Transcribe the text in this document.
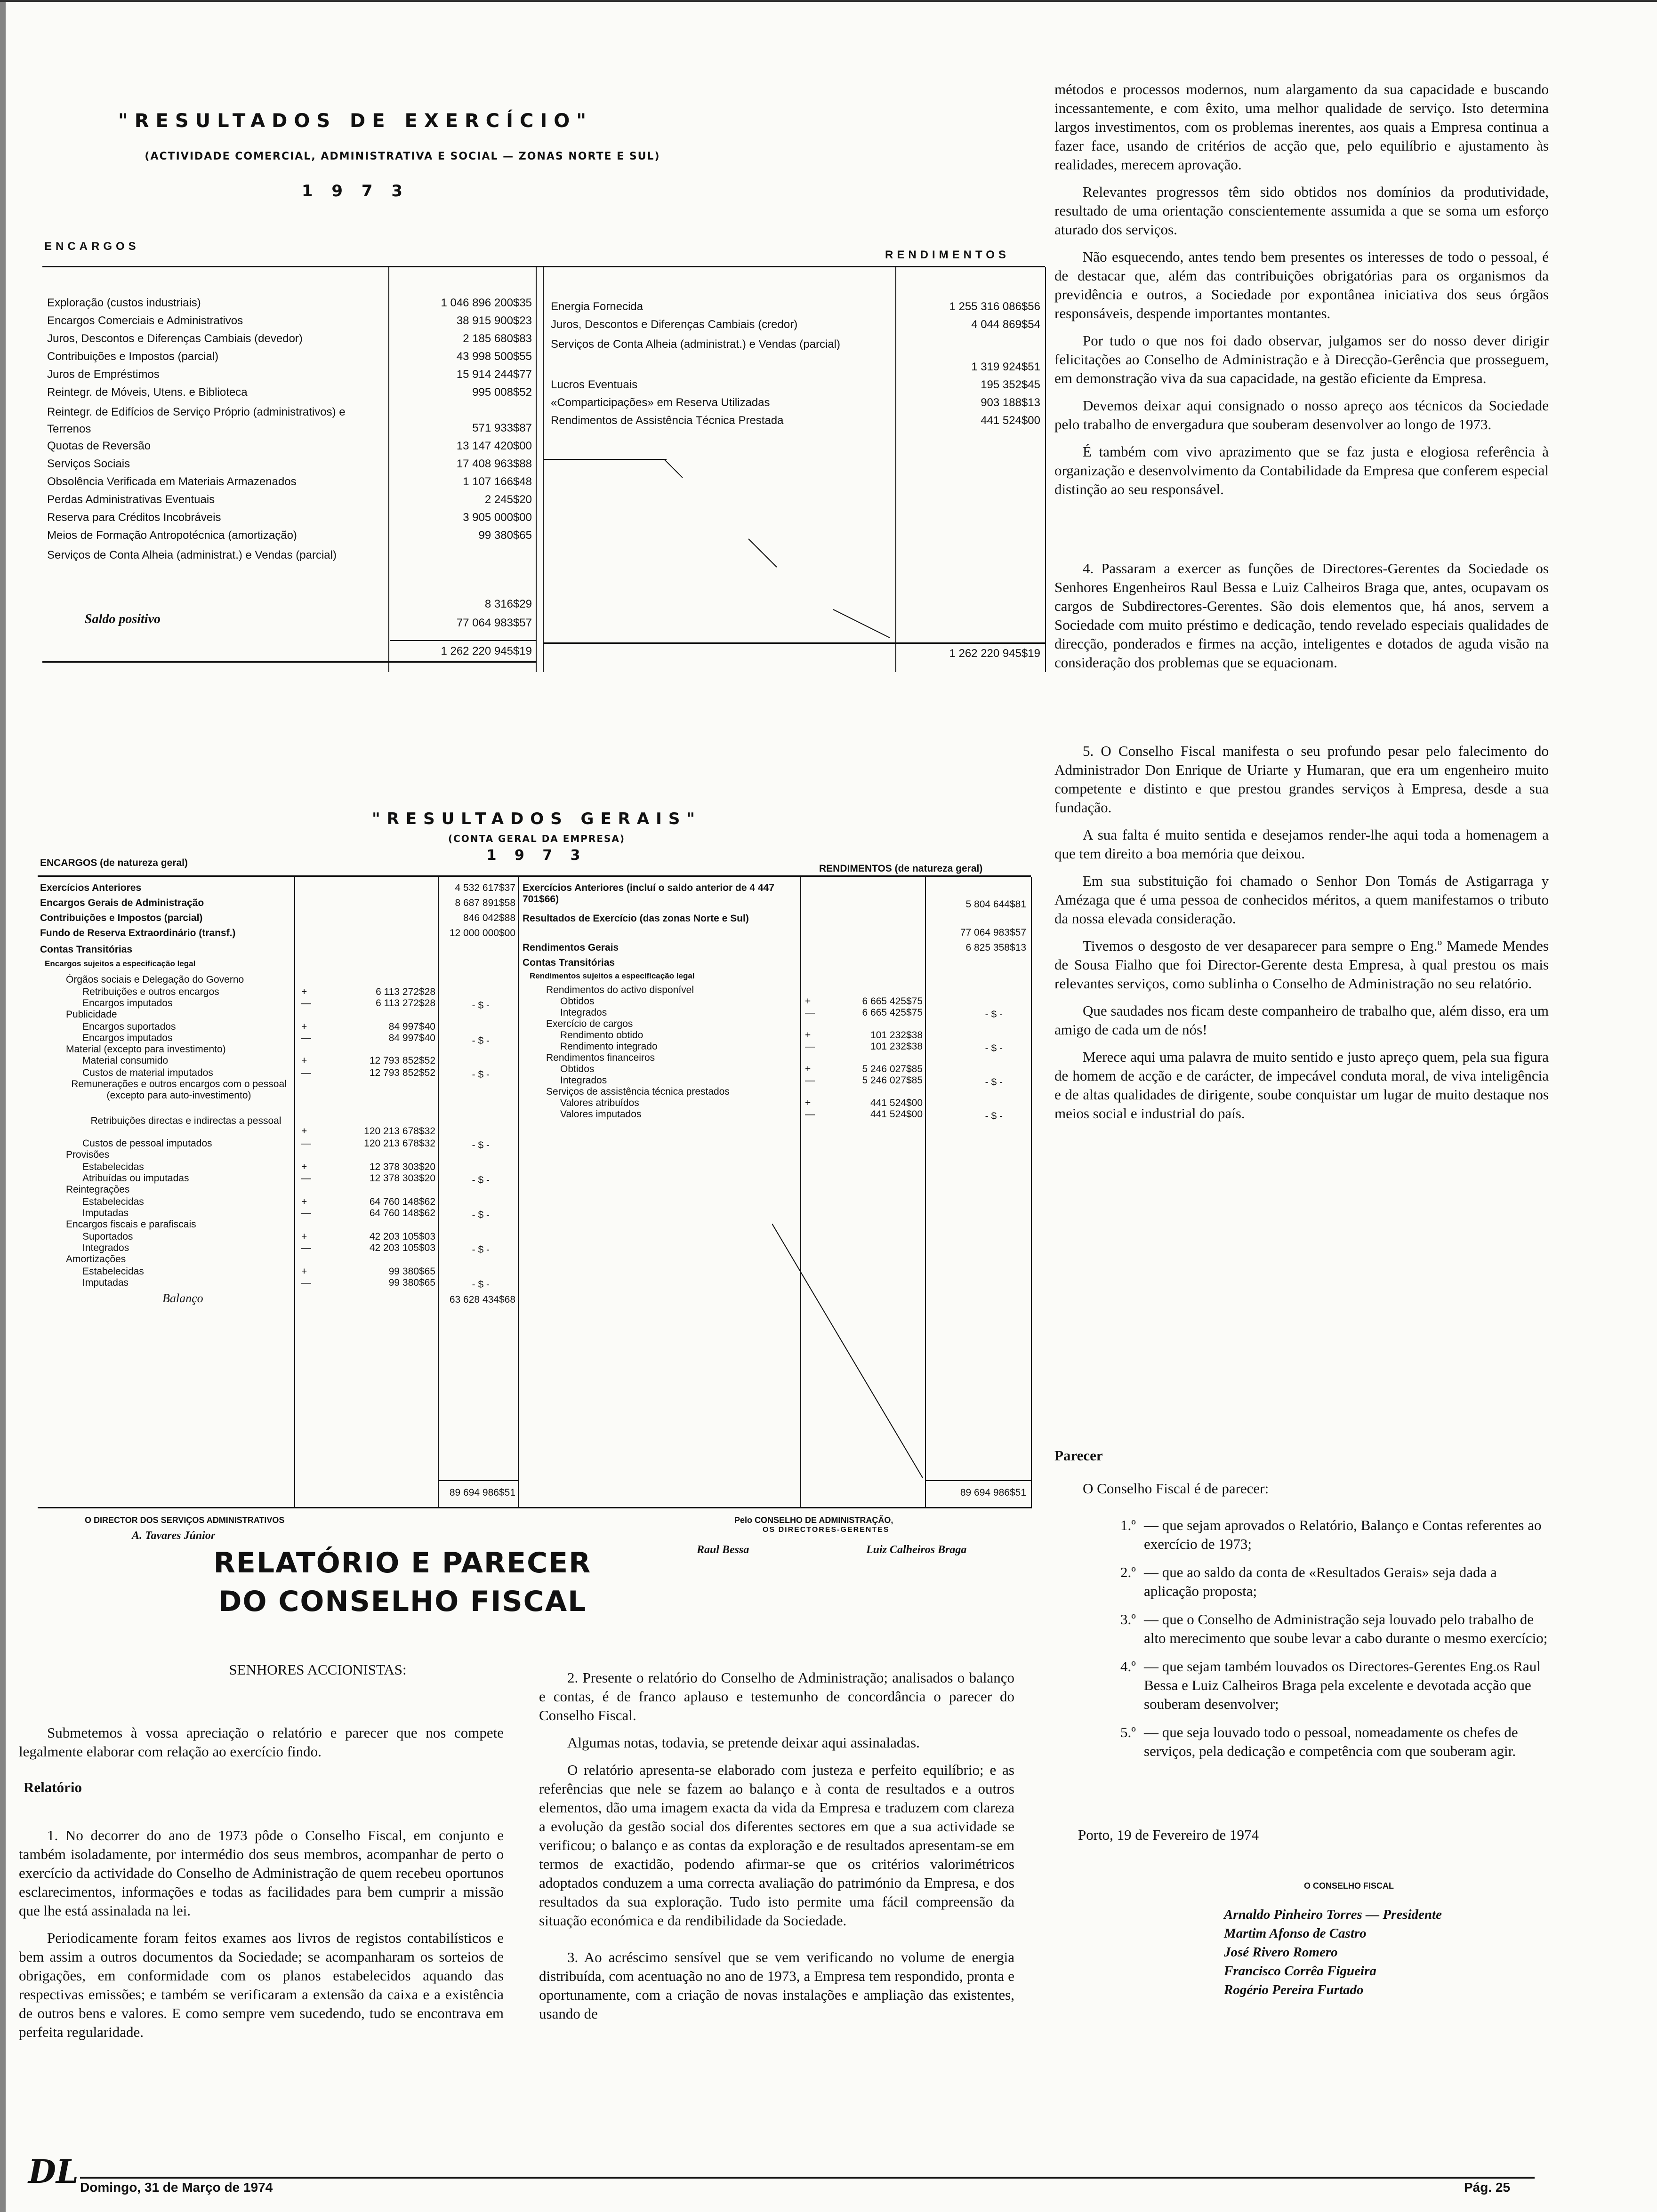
"RESULTADOS DE EXERCÍCIO"
(ACTIVIDADE COMERCIAL, ADMINISTRATIVA E SOCIAL — ZONAS NORTE E SUL)
1 9 7 3
ENCARGOS
RENDIMENTOS
Exploração (custos industriais)	1 046 896 200$35
Encargos Comerciais e Administrativos	38 915 900$23
Juros, Descontos e Diferenças Cambiais (devedor)	2 185 680$83
Contribuições e Impostos (parcial)	43 998 500$55
Juros de Empréstimos	15 914 244$77
Reintegr. de Móveis, Utens. e Biblioteca	995 008$52
Reintegr. de Edifícios de Serviço Próprio (administrativos) e Terrenos	571 933$87
Quotas de Reversão	13 147 420$00
Serviços Sociais	17 408 963$88
Obsolência Verificada em Materiais Armazenados	1 107 166$48
Perdas Administrativas Eventuais	2 245$20
Reserva para Créditos Incobráveis	3 905 000$00
Meios de Formação Antropotécnica (amortização)	99 380$65
Serviços de Conta Alheia (administrat.) e Vendas (parcial)
8 316$29
Saldo positivo	77 064 983$57
1 262 220 945$19
Energia Fornecida	1 255 316 086$56
Juros, Descontos e Diferenças Cambiais (credor)	4 044 869$54
Serviços de Conta Alheia (administrat.) e Vendas (parcial)
1 319 924$51
Lucros Eventuais	195 352$45
«Comparticipações» em Reserva Utilizadas	903 188$13
Rendimentos de Assistência Técnica Prestada	441 524$00
1 262 220 945$19

métodos e processos modernos, num alargamento da sua capacidade e buscando incessantemente, e com êxito, uma melhor qualidade de serviço. Isto determina largos investimentos, com os problemas inerentes, aos quais a Empresa continua a fazer face, usando de critérios de acção que, pelo equilíbrio e ajustamento às realidades, merecem aprovação.

Relevantes progressos têm sido obtidos nos domínios da produtividade, resultado de uma orientação conscientemente assumida a que se soma um esforço aturado dos serviços.

Não esquecendo, antes tendo bem presentes os interesses de todo o pessoal, é de destacar que, além das contribuições obrigatórias para os organismos da previdência e outros, a Sociedade por expontânea iniciativa dos seus órgãos responsáveis, despende importantes montantes.

Por tudo o que nos foi dado observar, julgamos ser do nosso dever dirigir felicitações ao Conselho de Administração e à Direcção-Gerência que prosseguem, em demonstração viva da sua capacidade, na gestão eficiente da Empresa.

Devemos deixar aqui consignado o nosso apreço aos técnicos da Sociedade pelo trabalho de envergadura que souberam desenvolver ao longo de 1973.

É também com vivo aprazimento que se faz justa e elogiosa referência à organização e desenvolvimento da Contabilidade da Empresa que conferem especial distinção ao seu responsável.

4. Passaram a exercer as funções de Directores-Gerentes da Sociedade os Senhores Engenheiros Raul Bessa e Luiz Calheiros Braga que, antes, ocupavam os cargos de Subdirectores-Gerentes. São dois elementos que, há anos, servem a Sociedade com muito préstimo e dedicação, tendo revelado especiais qualidades de direcção, ponderados e firmes na acção, inteligentes e dotados de aguda visão na consideração dos problemas que se equacionam.

5. O Conselho Fiscal manifesta o seu profundo pesar pelo falecimento do Administrador Don Enrique de Uriarte y Humaran, que era um engenheiro muito competente e distinto e que prestou grandes serviços à Empresa, desde a sua fundação.

A sua falta é muito sentida e desejamos render-lhe aqui toda a homenagem a que tem direito a boa memória que deixou.

Em sua substituição foi chamado o Senhor Don Tomás de Astigarraga y Amézaga que é uma pessoa de conhecidos méritos, a quem manifestamos o tributo da nossa elevada consideração.

Tivemos o desgosto de ver desaparecer para sempre o Eng.º Mamede Mendes de Sousa Fialho que foi Director-Gerente desta Empresa, à qual prestou os mais relevantes serviços, como sublinha o Conselho de Administração no seu relatório.

Que saudades nos ficam deste companheiro de trabalho que, além disso, era um amigo de cada um de nós!

Merece aqui uma palavra de muito sentido e justo apreço quem, pela sua figura de homem de acção e de carácter, de impecável conduta moral, de viva inteligência e de altas qualidades de dirigente, soube conquistar um lugar de muito destaque nos meios social e industrial do país.

"RESULTADOS GERAIS"
(CONTA GERAL DA EMPRESA)
1 9 7 3
ENCARGOS (de natureza geral)
RENDIMENTOS (de natureza geral)
Exercícios Anteriores	4 532 617$37
Encargos Gerais de Administração	8 687 891$58
Contribuições e Impostos (parcial)	846 042$88
Fundo de Reserva Extraordinário (transf.)	12 000 000$00
Contas Transitórias
Encargos sujeitos a especificação legal
Órgãos sociais e Delegação do Governo
Retribuições e outros encargos	+	6 113 272$28
Encargos imputados	—	6 113 272$28	- $ -
Publicidade
Encargos suportados	+	84 997$40
Encargos imputados	—	84 997$40	- $ -
Material (excepto para investimento)
Material consumido	+	12 793 852$52
Custos de material imputados	—	12 793 852$52	- $ -
Remunerações e outros encargos com o pessoal (excepto para auto-investimento)
Retribuições directas e indirectas a pessoal
+	120 213 678$32
Custos de pessoal imputados	—	120 213 678$32	- $ -
Provisões
Estabelecidas	+	12 378 303$20
Atribuídas ou imputadas	—	12 378 303$20	- $ -
Reintegrações
Estabelecidas	+	64 760 148$62
Imputadas	—	64 760 148$62	- $ -
Encargos fiscais e parafiscais
Suportados	+	42 203 105$03
Integrados	—	42 203 105$03	- $ -
Amortizações
Estabelecidas	+	99 380$65
Imputadas	—	99 380$65	- $ -
Balanço	63 628 434$68
89 694 986$51
Exercícios Anteriores (incluí o saldo anterior de 4 447 701$66)	5 804 644$81
Resultados de Exercício (das zonas Norte e Sul)
77 064 983$57
Rendimentos Gerais	6 825 358$13
Contas Transitórias
Rendimentos sujeitos a especificação legal
Rendimentos do activo disponível
Obtidos	+	6 665 425$75
Integrados	—	6 665 425$75	- $ -
Exercício de cargos
Rendimento obtido	+	101 232$38
Rendimento integrado	—	101 232$38	- $ -
Rendimentos financeiros
Obtidos	+	5 246 027$85
Integrados	—	5 246 027$85	- $ -
Serviços de assistência técnica prestados
Valores atribuídos	+	441 524$00
Valores imputados	—	441 524$00	- $ -
89 694 986$51
O DIRECTOR DOS SERVIÇOS ADMINISTRATIVOS
A. Tavares Júnior
Pelo CONSELHO DE ADMINISTRAÇÃO,
OS DIRECTORES-GERENTES
Raul Bessa	Luiz Calheiros Braga
RELATÓRIO E PARECER
DO CONSELHO FISCAL
SENHORES ACCIONISTAS:

Submetemos à vossa apreciação o relatório e parecer que nos compete legalmente elaborar com relação ao exercício findo.

Relatório

1. No decorrer do ano de 1973 pôde o Conselho Fiscal, em conjunto e também isoladamente, por intermédio dos seus membros, acompanhar de perto o exercício da actividade do Conselho de Administração de quem recebeu oportunos esclarecimentos, informações e todas as facilidades para bem cumprir a missão que lhe está assinalada na lei.

Periodicamente foram feitos exames aos livros de registos contabilísticos e bem assim a outros documentos da Sociedade; se acompanharam os sorteios de obrigações, em conformidade com os planos estabelecidos aquando das respectivas emissões; e também se verificaram a extensão da caixa e a existência de outros bens e valores. E como sempre vem sucedendo, tudo se encontrava em perfeita regularidade.

2. Presente o relatório do Conselho de Administração; analisados o balanço e contas, é de franco aplauso e testemunho de concordância o parecer do Conselho Fiscal.

Algumas notas, todavia, se pretende deixar aqui assinaladas.

O relatório apresenta-se elaborado com justeza e perfeito equilíbrio; e as referências que nele se fazem ao balanço e à conta de resultados e a outros elementos, dão uma imagem exacta da vida da Empresa e traduzem com clareza a evolução da gestão social dos diferentes sectores em que a sua actividade se verificou; o balanço e as contas da exploração e de resultados apresentam-se em termos de exactidão, podendo afirmar-se que os critérios valorimétricos adoptados conduzem a uma correcta avaliação do património da Empresa, e dos resultados da sua exploração. Tudo isto permite uma fácil compreensão da situação económica e da rendibilidade da Sociedade.

3. Ao acréscimo sensível que se vem verificando no volume de energia distribuída, com acentuação no ano de 1973, a Empresa tem respondido, pronta e oportunamente, com a criação de novas instalações e ampliação das existentes, usando de

Parecer
O Conselho Fiscal é de parecer:
1.º — que sejam aprovados o Relatório, Balanço e Contas referentes ao exercício de 1973;
2.º — que ao saldo da conta de «Resultados Gerais» seja dada a aplicação proposta;
3.º — que o Conselho de Administração seja louvado pelo trabalho de alto merecimento que soube levar a cabo durante o mesmo exercício;
4.º — que sejam também louvados os Directores-Gerentes Eng.os Raul Bessa e Luiz Calheiros Braga pela excelente e devotada acção que souberam desenvolver;
5.º — que seja louvado todo o pessoal, nomeadamente os chefes de serviços, pela dedicação e competência com que souberam agir.
Porto, 19 de Fevereiro de 1974
O CONSELHO FISCAL
Arnaldo Pinheiro Torres — Presidente
Martim Afonso de Castro
José Rivero Romero
Francisco Corrêa Figueira
Rogério Pereira Furtado
DL Domingo, 31 de Março de 1974	Pág. 25
